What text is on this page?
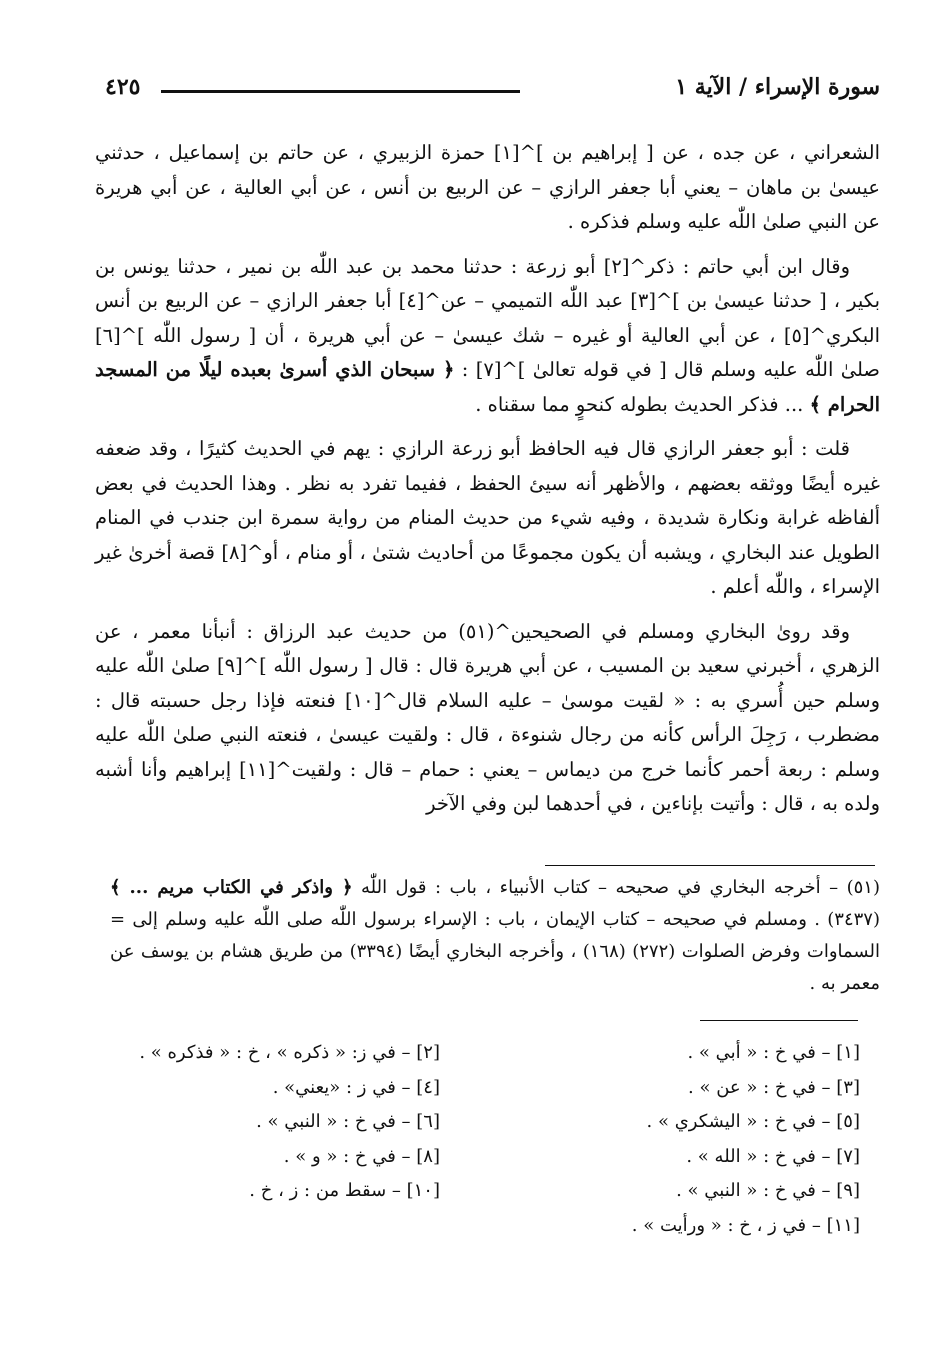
سورة الإسراء / الآية ١
٤٢٥

الشعراني ، عن جده ، عن [ إبراهيم بن ]^[١] حمزة الزبيري ، عن حاتم بن إسماعيل ، حدثني عيسىٰ بن ماهان – يعني أبا جعفر الرازي – عن الربيع بن أنس ، عن أبي العالية ، عن أبي هريرة عن النبي صلىٰ اللّٰه عليه وسلم فذكره .

وقال ابن أبي حاتم : ذكر^[٢] أبو زرعة : حدثنا محمد بن عبد اللّٰه بن نمير ، حدثنا يونس بن بكير ، [ حدثنا عيسىٰ بن ]^[٣] عبد اللّٰه التميمي – عن^[٤] أبا جعفر الرازي – عن الربيع بن أنس البكري^[٥] ، عن أبي العالية أو غيره – شك عيسىٰ – عن أبي هريرة ، أن [ رسول اللّٰه ]^[٦] صلىٰ اللّٰه عليه وسلم قال [ في قوله تعالىٰ ]^[٧] : ﴿ سبحان الذي أسرىٰ بعبده ليلًا من المسجد الحرام ﴾ ... فذكر الحديث بطوله كنحوٍ مما سقناه .

قلت : أبو جعفر الرازي قال فيه الحافظ أبو زرعة الرازي : يهم في الحديث كثيرًا ، وقد ضعفه غيره أيضًا ووثقه بعضهم ، والأظهر أنه سيئ الحفظ ، ففيما تفرد به نظر . وهذا الحديث في بعض ألفاظه غرابة ونكارة شديدة ، وفيه شيء من حديث المنام من رواية سمرة ابن جندب في المنام الطويل عند البخاري ، ويشبه أن يكون مجموعًا من أحاديث شتىٰ ، أو منام ، أو^[٨] قصة أخرىٰ غير الإسراء ، واللّٰه أعلم .

وقد روىٰ البخاري ومسلم في الصحيحين^(٥١) من حديث عبد الرزاق : أنبأنا معمر ، عن الزهري ، أخبرني سعيد بن المسيب ، عن أبي هريرة قال : قال [ رسول اللّٰه ]^[٩] صلىٰ اللّٰه عليه وسلم حين أُسري به : « لقيت موسىٰ – عليه السلام قال^[١٠] فنعته فإذا رجل حسبته قال : مضطرب ، رَجِلَ الرأس كأنه من رجال شنوءة ، قال : ولقيت عيسىٰ ، فنعته النبي صلىٰ اللّٰه عليه وسلم : ربعة أحمر كأنما خرج من ديماس – يعني : حمام – قال : ولقيت^[١١] إبراهيم وأنا أشبه ولده به ، قال : وأتيت بإناءين ، في أحدهما لبن وفي الآخر

(٥١) – أخرجه البخاري في صحيحه – كتاب الأنبياء ، باب : قول اللّٰه ﴿ واذكر في الكتاب مريم ... ﴾ (٣٤٣٧) . ومسلم في صحيحه – كتاب الإيمان ، باب : الإسراء برسول اللّٰه صلى اللّٰه عليه وسلم إلى = السماوات وفرض الصلوات (٢٧٢) (١٦٨) ، وأخرجه البخاري أيضًا (٣٣٩٤) من طريق هشام بن يوسف عن معمر به .
[١] – في خ : « أبي » .
[٣] – في خ : « عن » .
[٥] – في خ : « اليشكري » .
[٧] – في خ : « الله » .
[٩] – في خ : « النبي » .
[١١] – في ز ، خ : « ورأيت » .
[٢] – في ز: « ذكره » ، خ : « فذكره » .
[٤] – في ز : «يعني» .
[٦] – في خ : « النبي » .
[٨] – في خ : « و » .
[١٠] – سقط من : ز ، خ .
